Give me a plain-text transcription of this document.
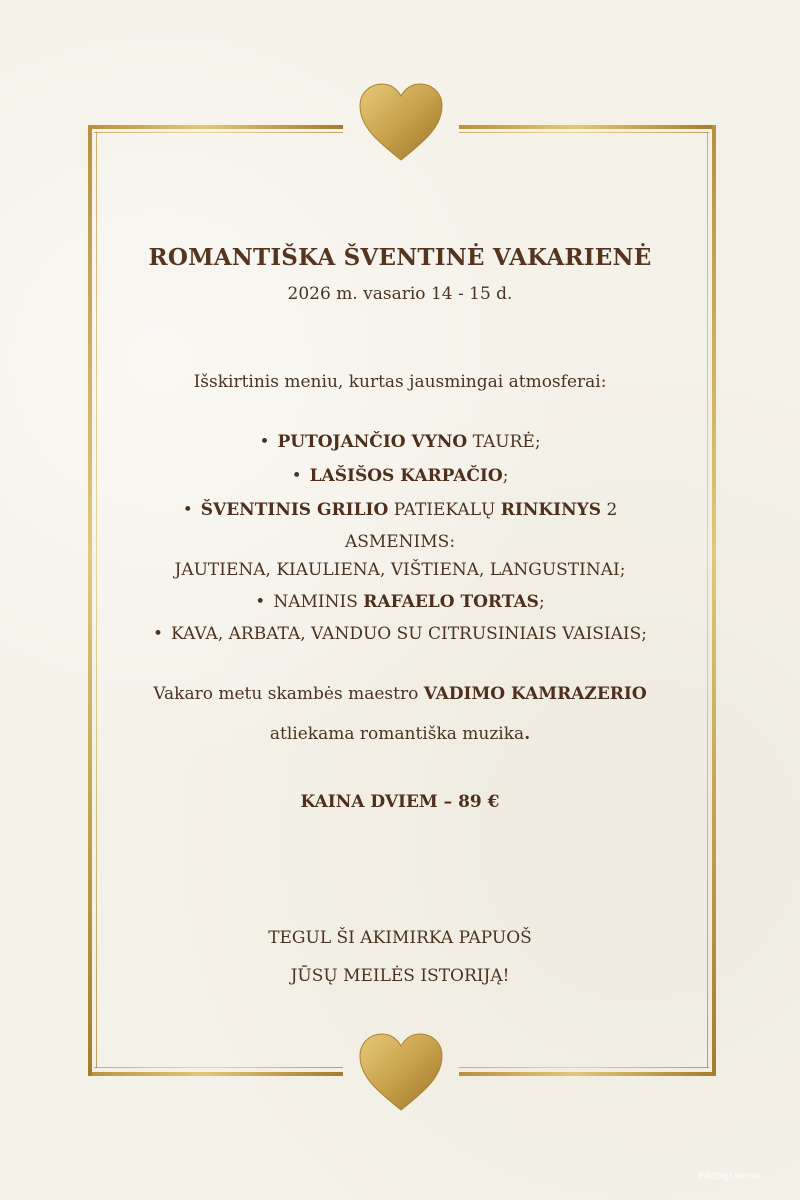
ROMANTIŠKA ŠVENTINĖ VAKARIENĖ
2026 m. vasario 14 - 15 d.
Išskirtinis meniu, kurtas jausmingai atmosferai:
• PUTOJANČIO VYNO TAURĖ;
• LAŠIŠOS KARPAČIO;
• ŠVENTINIS GRILIO PATIEKALŲ RINKINYS 2
ASMENIMS:
JAUTIENA, KIAULIENA, VIŠTIENA, LANGUSTINAI;
• NAMINIS RAFAELO TORTAS;
• KAVA, ARBATA, VANDUO SU CITRUSINIAIS VAISIAIS;
Vakaro metu skambės maestro VADIMO KAMRAZERIO
atliekama romantiška muzika.
KAINA DVIEM – 89 €
TEGUL ŠI AKIMIRKA PAPUOŠ
JŪSŲ MEILĖS ISTORIJĄ!
Piktogramos
